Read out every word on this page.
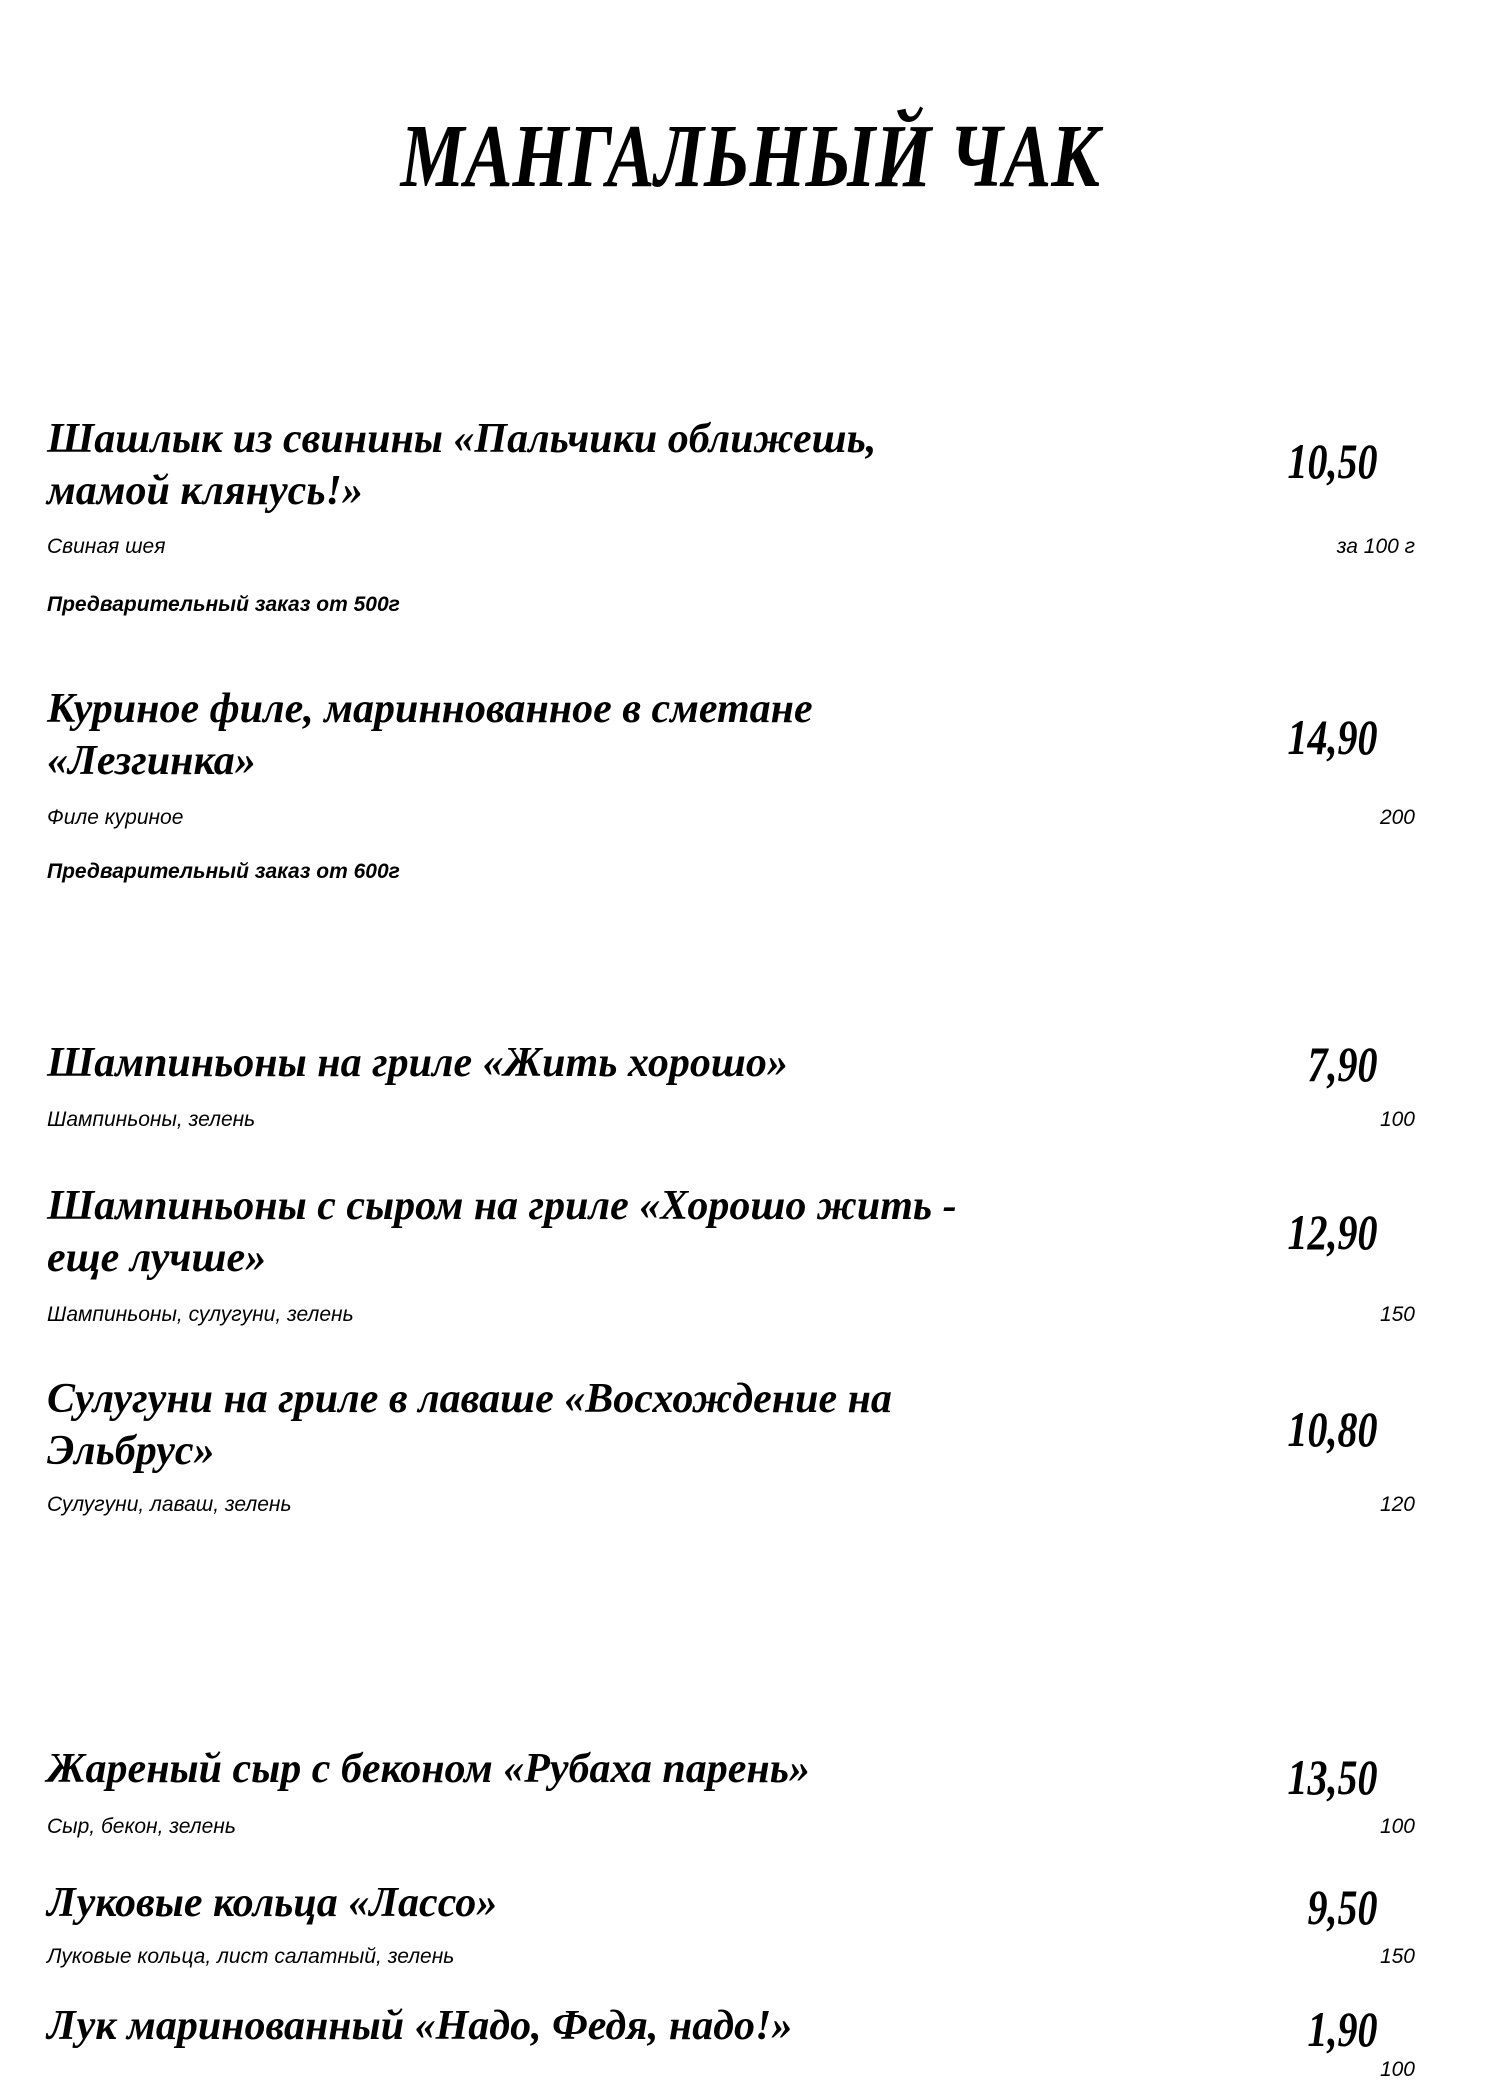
МАНГАЛЬНЫЙ ЧАК
Шашлык из свинины «Пальчики оближешь,
мамой клянусь!»
10,50
Свиная шея	за 100 г
Предварительный заказ от 500г
Куриное филе, мариннованное в сметане
«Лезгинка»	14,90
Филе куриное	200
Предварительный заказ от 600г
Шампиньоны на гриле «Жить хорошо»	7,90
Шампиньоны, зелень	100
Шампиньоны с сыром на гриле «Хорошо жить -
еще лучше»	12,90
Шампиньоны, сулугуни, зелень	150
Сулугуни на гриле в лаваше «Восхождение на
Эльбрус»	10,80
Сулугуни, лаваш, зелень	120
Жареный сыр с беконом «Рубаха парень»	13,50
Сыр, бекон, зелень	100
Луковые кольца «Лассо»	9,50
Луковые кольца, лист салатный, зелень	150
Лук маринованный «Надо, Федя, надо!»	1,90
100
